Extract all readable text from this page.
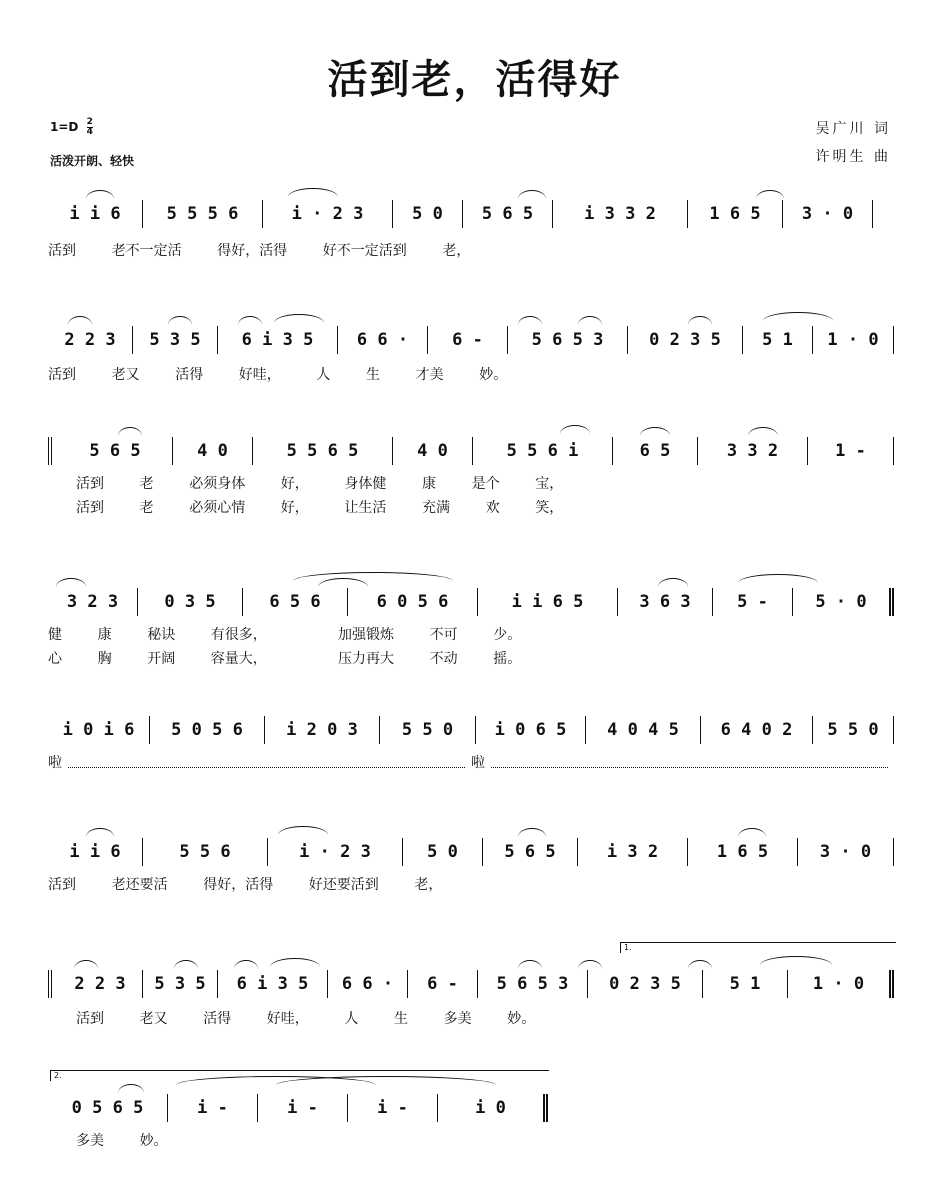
活到老，活得好
$1=D \frac{2}{4}$
活泼开朗、轻快
吴广川 词
许明生 曲
i i 6	5 5 5 6	i · 2 3	5 0 5 6 5	i 3 3 2	1 6 5 3 · 0
活到        老不一定活        得好，活得        好不一定活到        老，
2 2 3 5 3 5 6 i 3 5	6 6 ·	6 -	5 6 5 3	0 2 3 5 5 1 1 · 0
活到        老又        活得        好哇，        人        生        才美        妙。
5 6 5	4 0	5 5 6 5	4 0	5 5 6 i	6 5	3 3 2	1 -
活到        老        必须身体        好，        身体健        康        是个        宝，
活到        老        必须心情        好，        让生活        充满        欢        笑，
3 2 3	0 3 5	6 5 6	6 0 5 6	i i 6 5	3 6 3	5 -	5 · 0
健        康        秘诀        有很多，                加强锻炼        不可        少。
心        胸        开阔        容量大，                压力再大        不动        摇。
i 0 i 6 5 0 5 6	i 2 0 3	5 5 0 i 0 6 5 4 0 4 5 6 4 0 2 5 5 0
啦	啦
i i 6	5 5 6	i · 2 3	5 0	5 6 5	i 3 2	1 6 5	3 · 0
活到        老还要活        得好，活得        好还要活到        老，
1.
2 2 3 5 3 5 6 i 3 5 6 6 · 6 - 5 6 5 3 0 2 3 5	5 1	1 · 0
活到        老又        活得        好哇，        人        生        多美        妙。
2.
0 5 6 5	i -	i -	i -	i 0
多美        妙。
